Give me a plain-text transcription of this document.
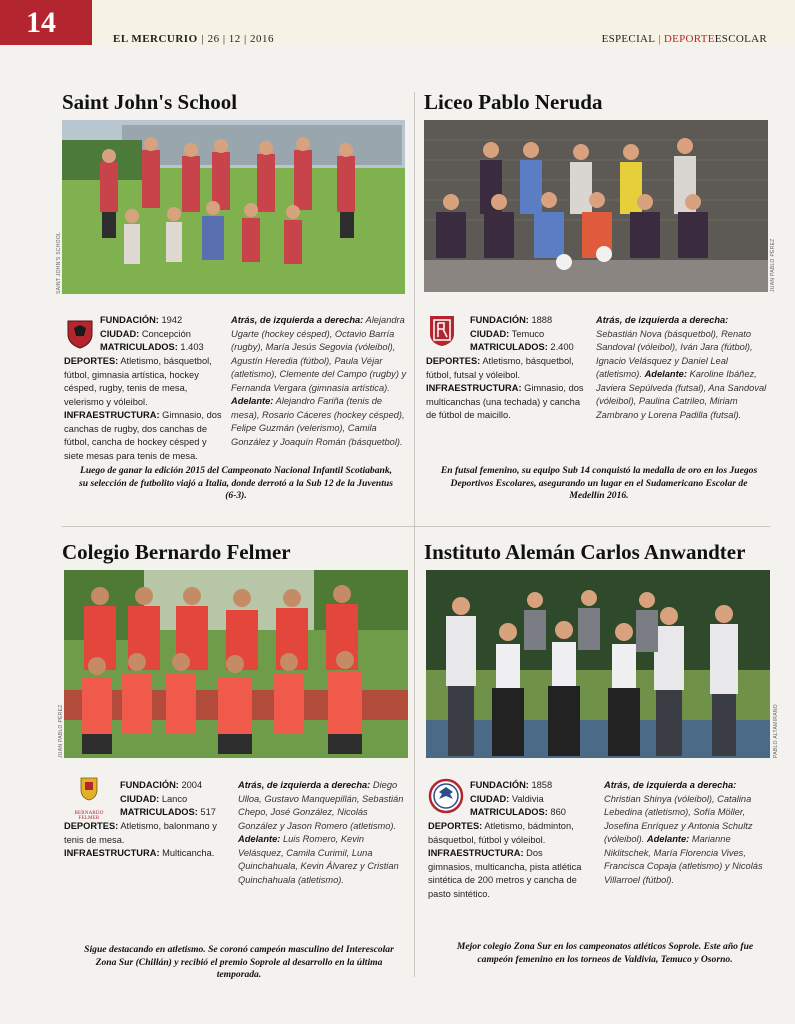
14	EL MERCURIO | 26 | 12 | 2016	ESPECIAL | DEPORTEESCOLAR
Saint John's School
SAINT JOHN'S SCHOOL
FUNDACIÓN: 1942
CIUDAD: Concepción
MATRICULADOS: 1.403
DEPORTES: Atletismo, básquetbol, fútbol, gimnasia artística, hockey césped, rugby, tenis de mesa, velerismo y vóleibol.
INFRAESTRUCTURA: Gimnasio, dos canchas de rugby, dos canchas de fútbol, cancha de hockey césped y siete mesas para tenis de mesa.
Atrás, de izquierda a derecha: Alejandra Ugarte (hockey césped), Octavio Barría (rugby), María Jesús Segovia (vóleibol), Agustín Heredia (fútbol), Paula Véjar (atletismo), Clemente del Campo (rugby) y Fernanda Vergara (gimnasia artística). Adelante: Alejandro Fariña (tenis de mesa), Rosario Cáceres (hockey césped), Felipe Guzmán (velerismo), Camila González y Joaquín Román (básquetbol).
Luego de ganar la edición 2015 del Campeonato Nacional Infantil Scotiabank, su selección de futbolito viajó a Italia, donde derrotó a la Sub 12 de la Juventus (6-3).
Liceo Pablo Neruda
JUAN PABLO PÉREZ
FUNDACIÓN: 1888
CIUDAD: Temuco
MATRICULADOS: 2.400
DEPORTES: Atletismo, básquetbol, fútbol, futsal y vóleibol.
INFRAESTRUCTURA: Gimnasio, dos multicanchas (una techada) y cancha de fútbol de maicillo.
Atrás, de izquierda a derecha: Sebastián Nova (básquetbol), Renato Sandoval (vóleibol), Iván Jara (fútbol), Ignacio Velásquez y Daniel Leal (atletismo). Adelante: Karoline Ibáñez, Javiera Sepúlveda (futsal), Ana Sandoval (vóleibol), Paulina Catrileo, Miriam Zambrano y Lorena Padilla (futsal).
En futsal femenino, su equipo Sub 14 conquistó la medalla de oro en los Juegos Deportivos Escolares, asegurando un lugar en el Sudamericano Escolar de Medellín 2016.
Colegio Bernardo Felmer
JUAN PABLO PÉREZ
BERNARDO FELMER
FUNDACIÓN: 2004
CIUDAD: Lanco
MATRICULADOS: 517
DEPORTES: Atletismo, balonmano y tenis de mesa.
INFRAESTRUCTURA: Multicancha.
Atrás, de izquierda a derecha: Diego Ulloa, Gustavo Manquepillán, Sebastián Chepo, José González, Nicolás González y Jason Romero (atletismo). Adelante: Luis Romero, Kevin Velásquez, Camila Curimil, Luna Quinchahuala, Kevin Álvarez y Cristian Quinchahuala (atletismo).
Sigue destacando en atletismo. Se coronó campeón masculino del Interescolar Zona Sur (Chillán) y recibió el premio Soprole al desarrollo en la última temporada.
Instituto Alemán Carlos Anwandter
PABLO ALTAMIRANO
FUNDACIÓN: 1858
CIUDAD: Valdivia
MATRICULADOS: 860
DEPORTES: Atletismo, bádminton, básquetbol, fútbol y vóleibol.
INFRAESTRUCTURA: Dos gimnasios, multicancha, pista atlética sintética de 200 metros y cancha de pasto sintético.
Atrás, de izquierda a derecha: Christian Shinya (vóleibol), Catalina Lebedina (atletismo), Sofía Möller, Josefina Enríquez y Antonia Schultz (vóleibol). Adelante: Marianne Niklitschek, María Florencia Vives, Francisca Copaja (atletismo) y Nicolás Villarroel (fútbol).
Mejor colegio Zona Sur en los campeonatos atléticos Soprole. Este año fue campeón femenino en los torneos de Valdivia, Temuco y Osorno.
